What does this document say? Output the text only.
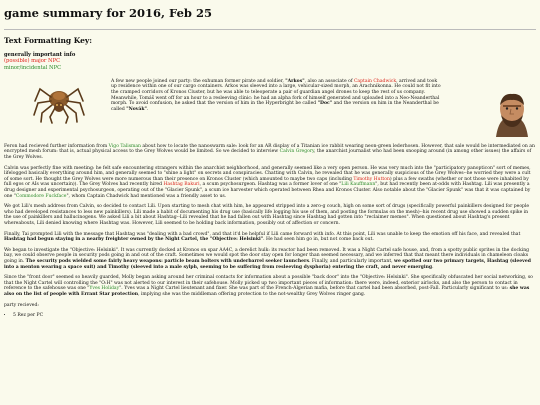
game summary for 2016, Feb 25
Text Formatting Key:
generally important info
(possible) major NPC
minor/incidental NPC

A few new people joined our party: the exhuman former pirate and soldier, "Arkos", also an associate of Captain Chadwick, arrived and took up residence within one of our cargo containers. Arkos was sleeved into a large, vehicular-sized morph, an Arachnikonna. He could not fit into the cramped corridors of Kronos Cluster, but he was able to teleoperate a pair of guardian angel drones to keep the rest of us company. Meanwhile, Tomáš went off for an hour to a resleeving clinic: he had an alpha fork of himself generated and uploaded into a Neo-Neanderthal morph. To avoid confusion, he asked that the version of him in the Hyperbright be called "Doc" and the version on him in the Neanderthal be called "Novák".

Feron had recieved further information from Vigo Talisman about how to locate the nanoswarm sale: look for an AR display of a Titanian ice rabbit wearing neon-green lederhosen. However, that sale would be intermediated on an encrypted mesh forum: that is, actual physical access to the Grey Wolves would be limited. So we decided to interview Calvin Gregory, the anarchist journalist who had been snooping around (in among other issues) the affairs of the Grey Wolves.

Calvin was perfectly fine with meeting: he felt safe encountering strangers within the anarchist neighborhood, and generally seemed like a very open person. He was very much into the "participatory panopticon" sort of memes, lifelogged basically everything around him, and generally seemed to "shine a light" on secrets and conspiracies. Chatting with Calvin, he revealed that he was generally suspicious of the Grey Wolves--he worried they were a cult of some sort. He thought the Grey Wolves were more numerous than their presence on Kronos Cluster (which amounted to maybe two caps (including Timothy Hutton) plus a few swaths (whether or not those were inhabited by full egos or AIs was uncertain)). The Grey Wolves had recently hired Hashtag Bakuri, a scum psychosurgeon. Hashtag was a former lover of one "Lili Kauffmann", but had recently been at-odds with Hashtag. Lili was presently a drug designer and experimental psychosurgeon, operating out of the "Glacier Spunk", a scum ice harvester which operated between Rhea and Kronos Cluster. Also notable about the "Glacier Spunk" was that it was captained by one "Commodore Fuckface", whom Captain Chadwick had mentioned was a friendly asset to us.

We got Lili's mesh address from Calvin, so decided to contact Lili. Upon starting to mesh chat with him, he appeared stripped into a zero-g couch, high on some sort of drugs (specifically powerful painkillers designed for people who had developed resistances to less new painkillers). Lili made a habit of documenting his drug use (basically life logging his use of them, and posting the formulas on the mesh)--his recent drug use showed a sudden spike in the use of painkillers and hallucinogens. We asked Lili a bit about Hashtag--Lili revealed that he had fallen out with Hashtag since Hashtag had gotten into "reclaimer memes". When questioned about Hashtag's present whereabouts, Lili denied knowing where Hashtag was. However, Lili seemed to be holding back information, possibly out of affection or concern.

Finally, Tai prompted Lili with the message that Hashtag was "dealing with a bad crowd", and that it'd be helpful if Lili came forward with info. At this point, Lili was unable to keep the emotion off his face, and revealed that Hashtag had begun staying in a nearby freighter owned by the Night Cartel, the "Objective: Helsinki". He had seen him go in, but not come back out.

We began to investigate the "Objective: Helsinki". It was currently docked at Kronos on spar AA4C, a derelict hulk: its reactor had been removed. It was a Night Cartel safe house, and, from a spotty public sprites in the docking bay, we could observe people in security pods going in and out of the craft. Sometimes we would spot the door stay open for longer than seemed necessary, and we inferred that that meant there individuals in chameleon cloaks going in. The security pods wielded some fairly heavy weapons: particle beam bolters with underbarrel seeker launchers. Finally, and particularly important, we spotted our two primary targets, Hashtag (sleeved into a menton wearing a space suit) and Timothy (sleeved into a male sylph, seeming to be suffering from resleeving dysphoria) entering the craft, and never emerging.

Since the "front door" seemed so heavily guarded, Molly began asking around her criminal contacts for information about a possible "back door" into the "Objective: Helsinki". She specifically obfuscated her social networking, so that the Night Cartel will controlling the "O:H" was not alerted to our interest in their safehouse. Molly picked up two important pieces of information: there were, indeed, exterior airlocks, and also the person to contact in reference to the safehouse was one "Yves Holiday". Yves was a Night Cartel lieutenant and fixer. She was part of the French-Algerian mafia, before that cartel had been absorbed, post-Fall. Particularly significant to us: she was also on the list of people with Errant Star protection, implying she was the middleman offering protection to the not-wealthy Grey Wolves ringer gang.

party recieved:

• 5 Rez per PC
